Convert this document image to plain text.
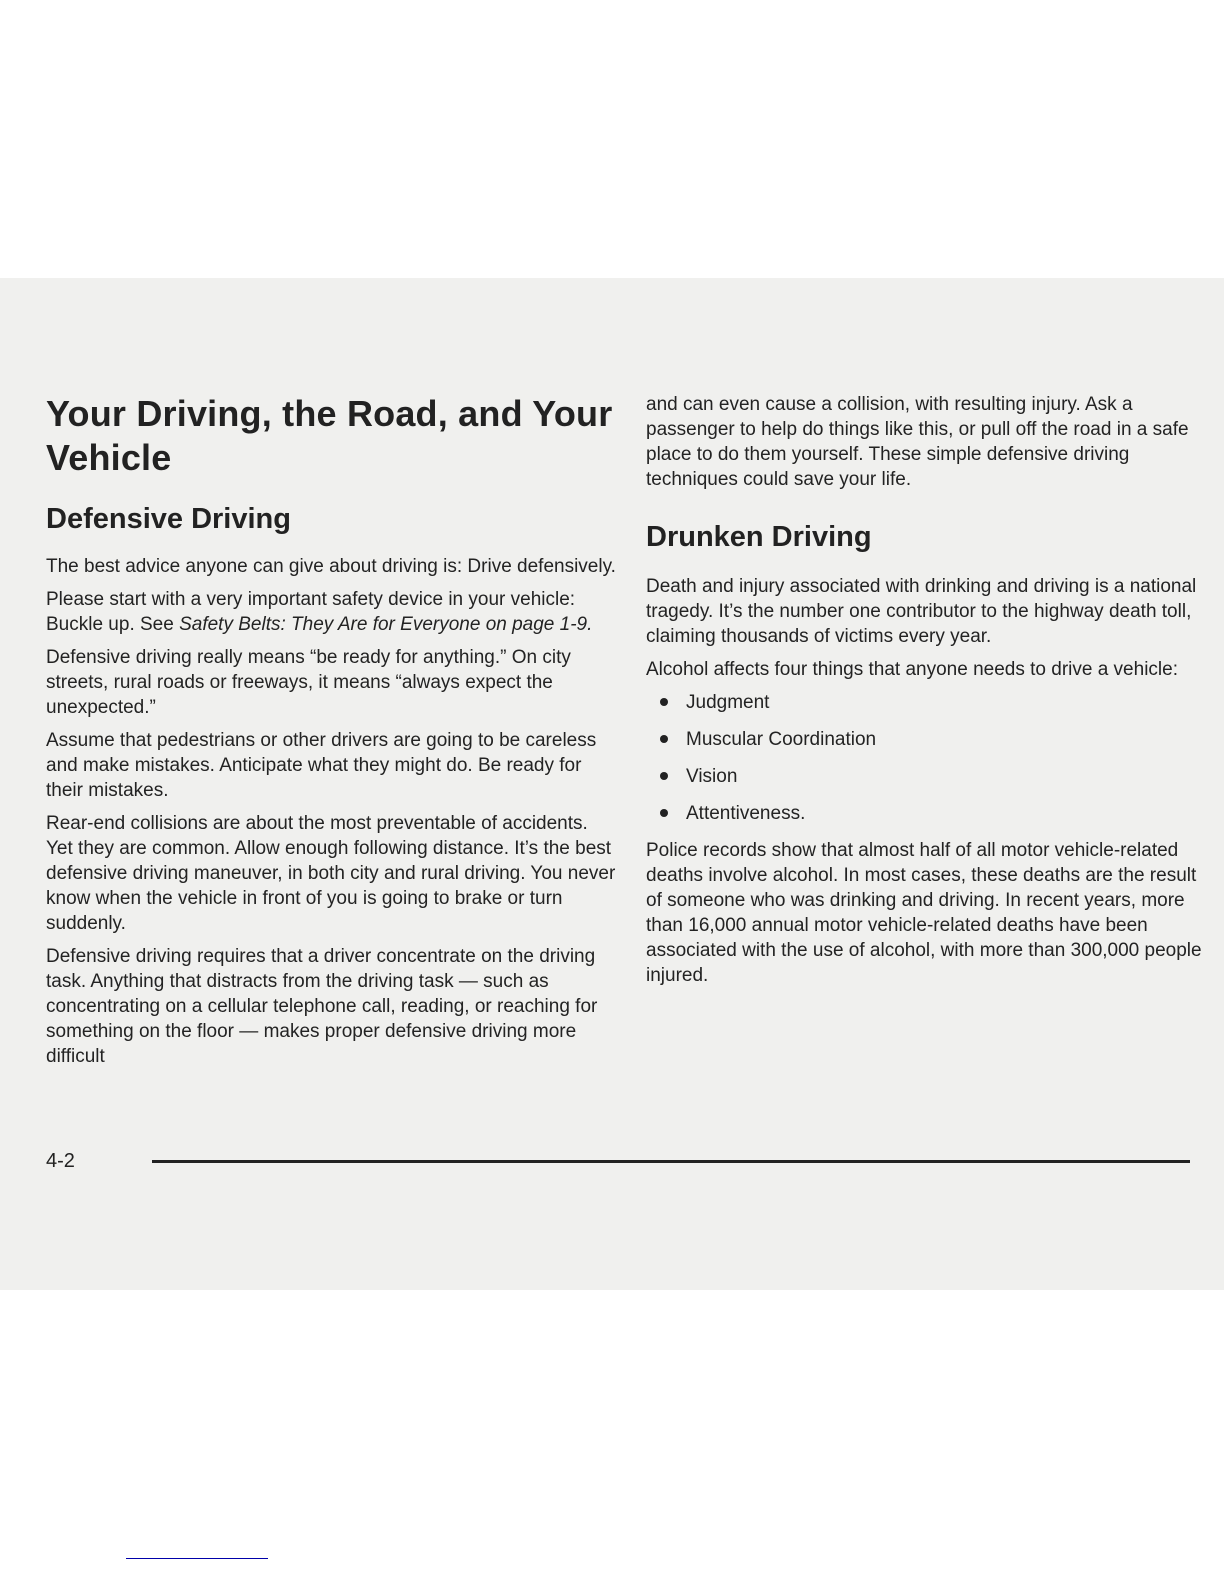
Your Driving, the Road, and Your Vehicle
Defensive Driving

The best advice anyone can give about driving is: Drive defensively.

Please start with a very important safety device in your vehicle: Buckle up. See Safety Belts: They Are for Everyone on page 1-9.

Defensive driving really means “be ready for anything.” On city streets, rural roads or freeways, it means “always expect the unexpected.”

Assume that pedestrians or other drivers are going to be careless and make mistakes. Anticipate what they might do. Be ready for their mistakes.

Rear-end collisions are about the most preventable of accidents. Yet they are common. Allow enough following distance. It’s the best defensive driving maneuver, in both city and rural driving. You never know when the vehicle in front of you is going to brake or turn suddenly.

Defensive driving requires that a driver concentrate on the driving task. Anything that distracts from the driving task — such as concentrating on a cellular telephone call, reading, or reaching for something on the floor — makes proper defensive driving more difficult

and can even cause a collision, with resulting injury. Ask a passenger to help do things like this, or pull off the road in a safe place to do them yourself. These simple defensive driving techniques could save your life.

Drunken Driving

Death and injury associated with drinking and driving is a national tragedy. It’s the number one contributor to the highway death toll, claiming thousands of victims every year.

Alcohol affects four things that anyone needs to drive a vehicle:

Judgment
Muscular Coordination
Vision
Attentiveness.

Police records show that almost half of all motor vehicle-related deaths involve alcohol. In most cases, these deaths are the result of someone who was drinking and driving. In recent years, more than 16,000 annual motor vehicle-related deaths have been associated with the use of alcohol, with more than 300,000 people injured.

4-2
